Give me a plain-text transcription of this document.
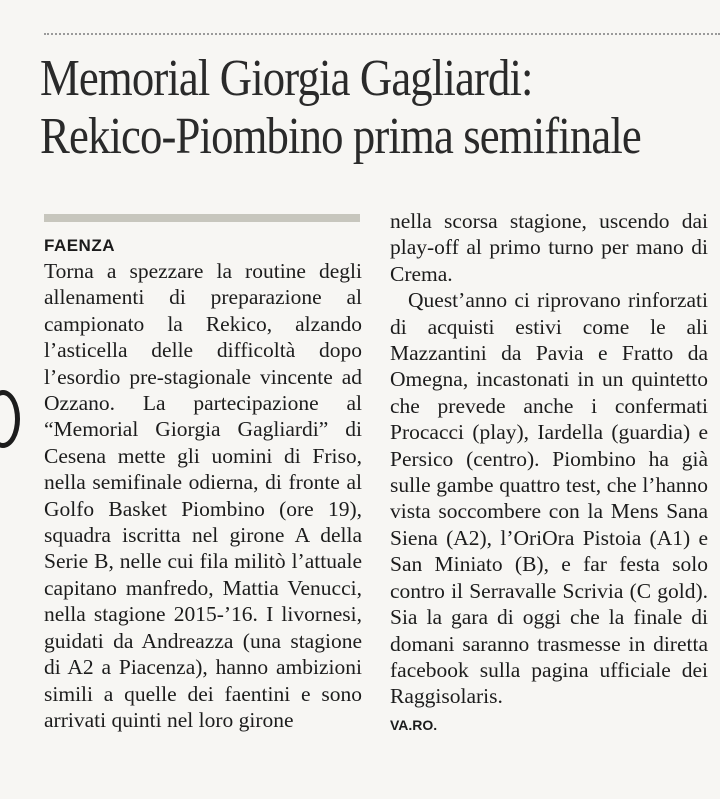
Memorial Giorgia Gagliardi:
Rekico-Piombino prima semifinale
FAENZA

Torna a spezzare la routine degli allenamenti di preparazione al campionato la Rekico, alzando l’asticella delle difficoltà dopo l’esordio pre-stagionale vincente ad Ozzano. La partecipazione al “Memorial Giorgia Gagliardi” di Cesena mette gli uomini di Friso, nella semifinale odierna, di fronte al Golfo Basket Piombino (ore 19), squadra iscritta nel girone A della Serie B, nelle cui fila militò l’attuale capitano manfredo, Mattia Venucci, nella stagione 2015-’16. I livornesi, guidati da Andreazza (una stagione di A2 a Piacenza), hanno ambizioni simili a quelle dei faentini e sono arrivati quinti nel loro girone

nella scorsa stagione, uscendo dai play-off al primo turno per mano di Crema.

Quest’anno ci riprovano rinforzati di acquisti estivi come le ali Mazzantini da Pavia e Fratto da Omegna, incastonati in un quintetto che prevede anche i confermati Procacci (play), Iardella (guardia) e Persico (centro). Piombino ha già sulle gambe quattro test, che l’hanno vista soccombere con la Mens Sana Siena (A2), l’OriOra Pistoia (A1) e San Miniato (B), e far festa solo contro il Serravalle Scrivia (C gold). Sia la gara di oggi che la finale di domani saranno trasmesse in diretta facebook sulla pagina ufficiale dei Raggisolaris.

VA.RO.
